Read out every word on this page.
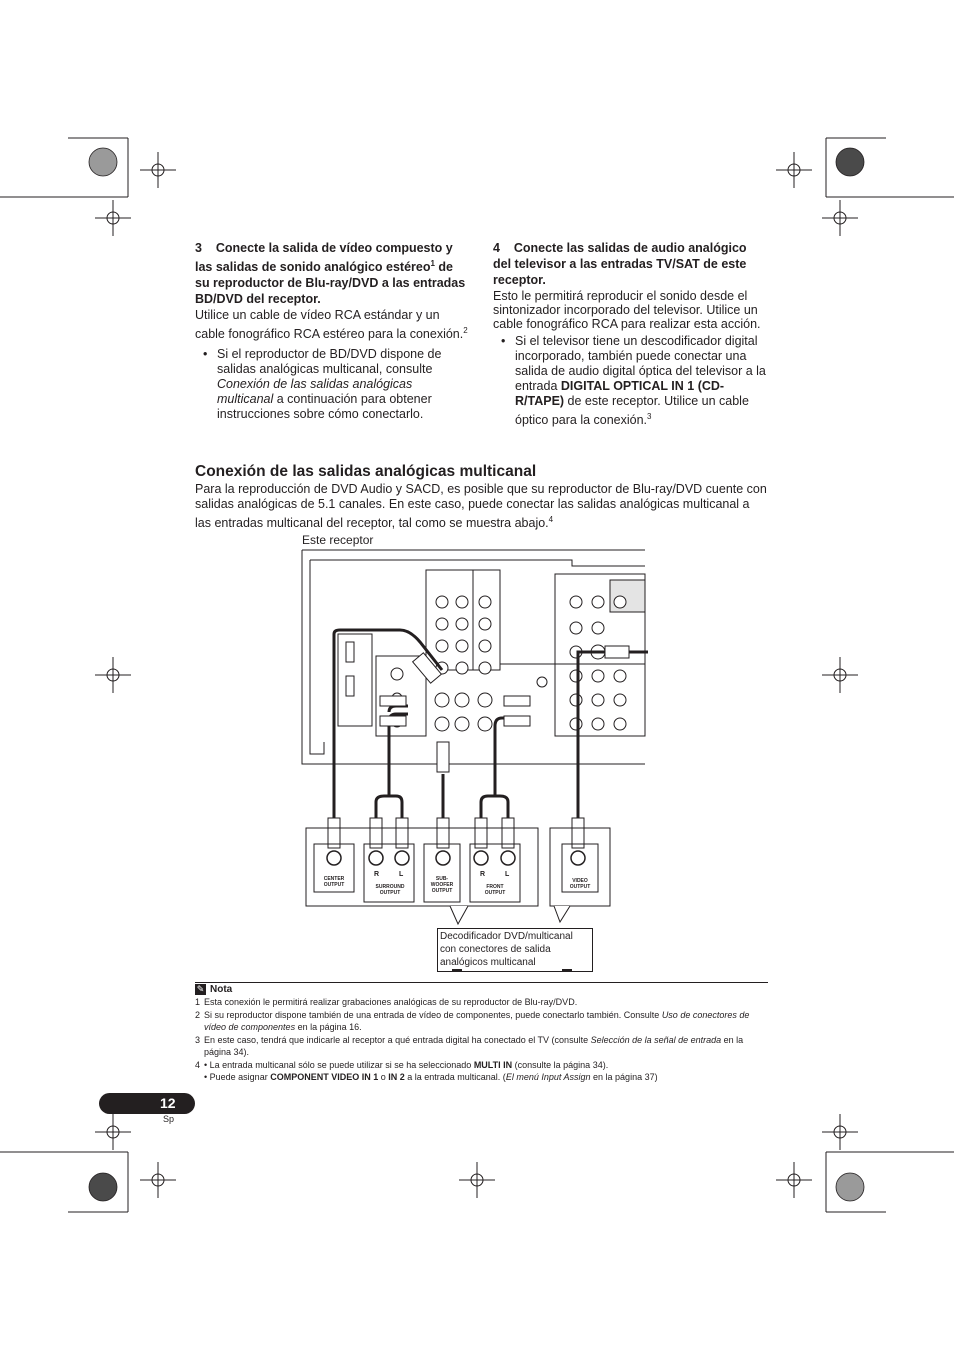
3 Conecte la salida de vídeo compuesto y las salidas de sonido analógico estéreo$^1$ de su reproductor de Blu-ray/DVD a las entradas BD/DVD del receptor.
Utilice un cable de vídeo RCA estándar y un cable fonográfico RCA estéreo para la conexión.$^2$
• Si el reproductor de BD/DVD dispone de salidas analógicas multicanal, consulte Conexión de las salidas analógicas multicanal a continuación para obtener instrucciones sobre cómo conectarlo.
4 Conecte las salidas de audio analógico del televisor a las entradas TV/SAT de este receptor.
Esto le permitirá reproducir el sonido desde el sintonizador incorporado del televisor. Utilice un cable fonográfico RCA para realizar esta acción.
• Si el televisor tiene un descodificador digital incorporado, también puede conectar una salida de audio digital óptica del televisor a la entrada DIGITAL OPTICAL IN 1 (CD-R/TAPE) de este receptor. Utilice un cable óptico para la conexión.$^3$
Conexión de las salidas analógicas multicanal
Para la reproducción de DVD Audio y SACD, es posible que su reproductor de Blu-ray/DVD cuente con salidas analógicas de 5.1 canales. En este caso, puede conectar las salidas analógicas multicanal a las entradas multicanal del receptor, tal como se muestra abajo.$^4$
Este receptor
CENTER
OUTPUT
R	L
SURROUND
OUTPUT
SUB-
WOOFER
OUTPUT
R	L
FRONT
OUTPUT
VIDEO
OUTPUT
Decodificador DVD/multicanal con conectores de salida analógicos multicanal
✎ Nota
1 Esta conexión le permitirá realizar grabaciones analógicas de su reproductor de Blu-ray/DVD.
2 Si su reproductor dispone también de una entrada de vídeo de componentes, puede conectarlo también. Consulte Uso de conectores de vídeo de componentes en la página 16.
3 En este caso, tendrá que indicarle al receptor a qué entrada digital ha conectado el TV (consulte Selección de la señal de entrada en la página 34).
4 • La entrada multicanal sólo se puede utilizar si se ha seleccionado MULTI IN (consulte la página 34).
• Puede asignar COMPONENT VIDEO IN 1 o IN 2 a la entrada multicanal. (El menú Input Assign en la página 37)
12
Sp
